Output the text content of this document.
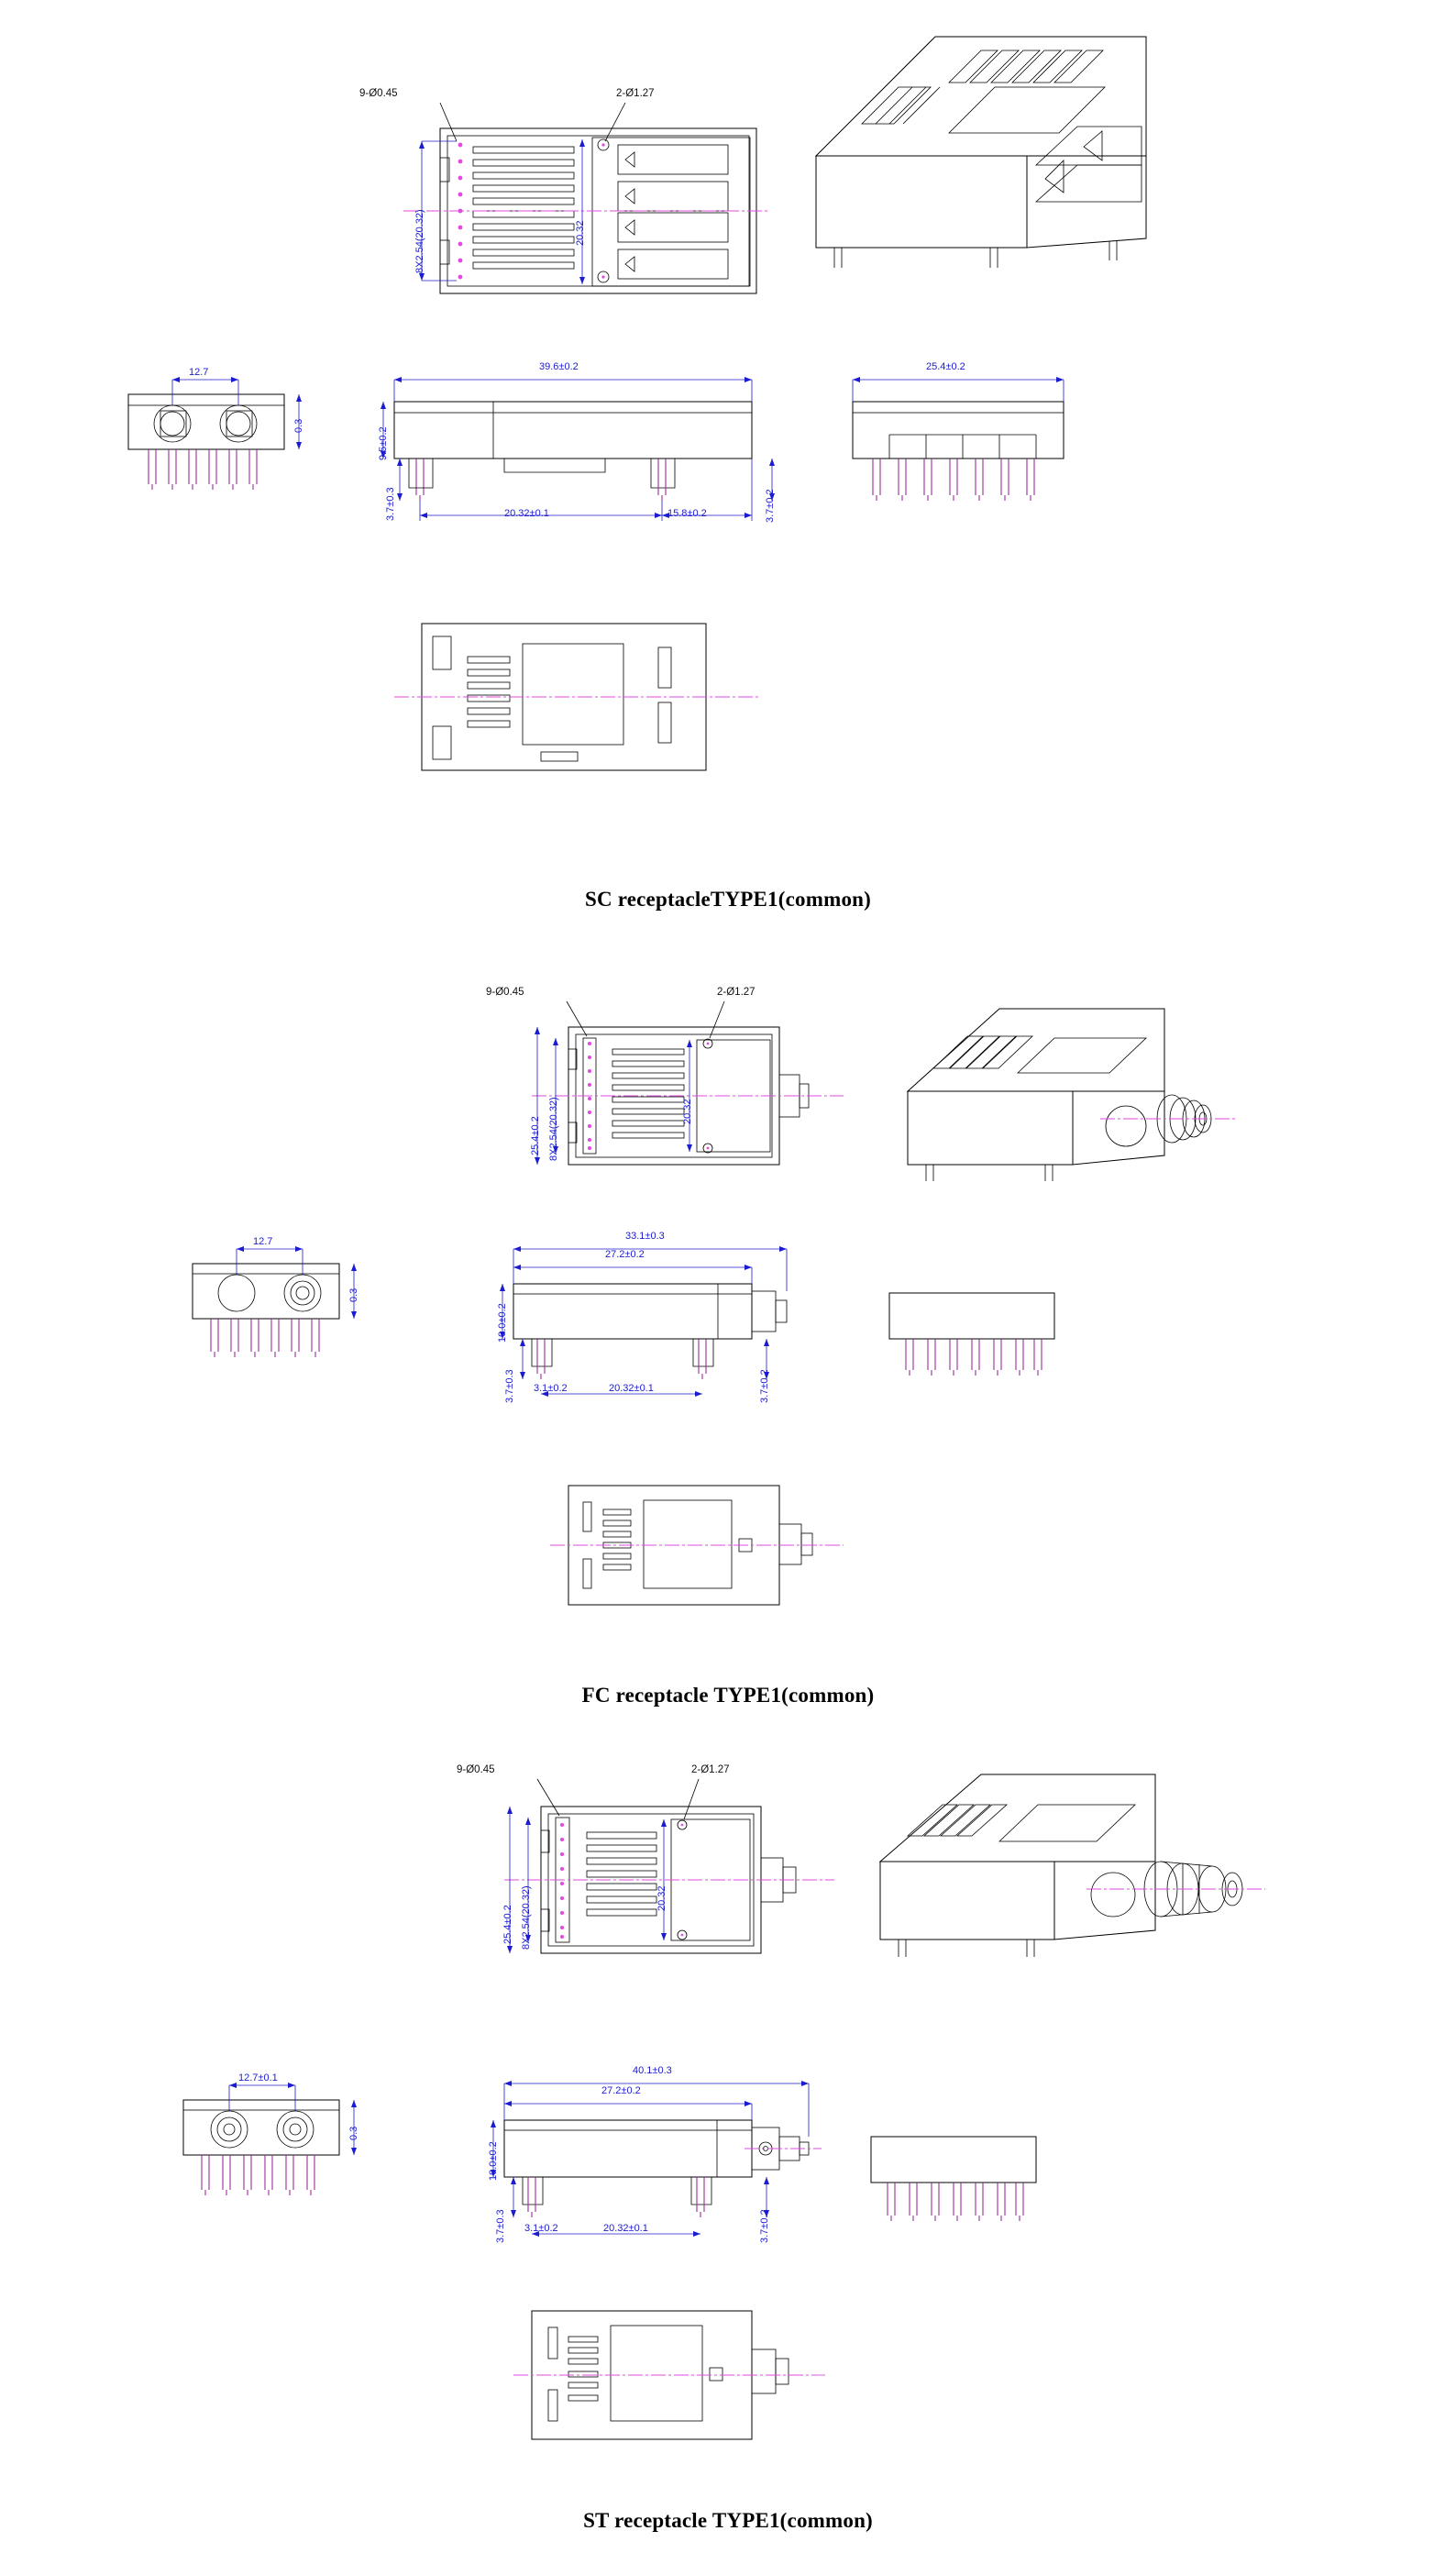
9-Ø0.45	2-Ø1.27
8X2.54(20.32)	20.32
12.7
0.3
39.6±0.2
9.5±0.2
3.7±0.3	3.7±0.2
20.32±0.1	15.8±0.2
25.4±0.2
SC receptacleTYPE1(common)
9-Ø0.45	2-Ø1.27
25.4±0.2 8X2.54(20.32)	20.32
12.7
0.3
33.1±0.3
27.2±0.2
10.0±0.2
3.7±0.3	3.7±0.2
3.1±0.2	20.32±0.1
FC receptacle TYPE1(common)
9-Ø0.45	2-Ø1.27
25.4±0.2 8X2.54(20.32)	20.32
12.7±0.1
0.3
40.1±0.3
27.2±0.2
10.0±0.2
3.7±0.3	3.7±0.2
3.1±0.2	20.32±0.1
ST receptacle TYPE1(common)
